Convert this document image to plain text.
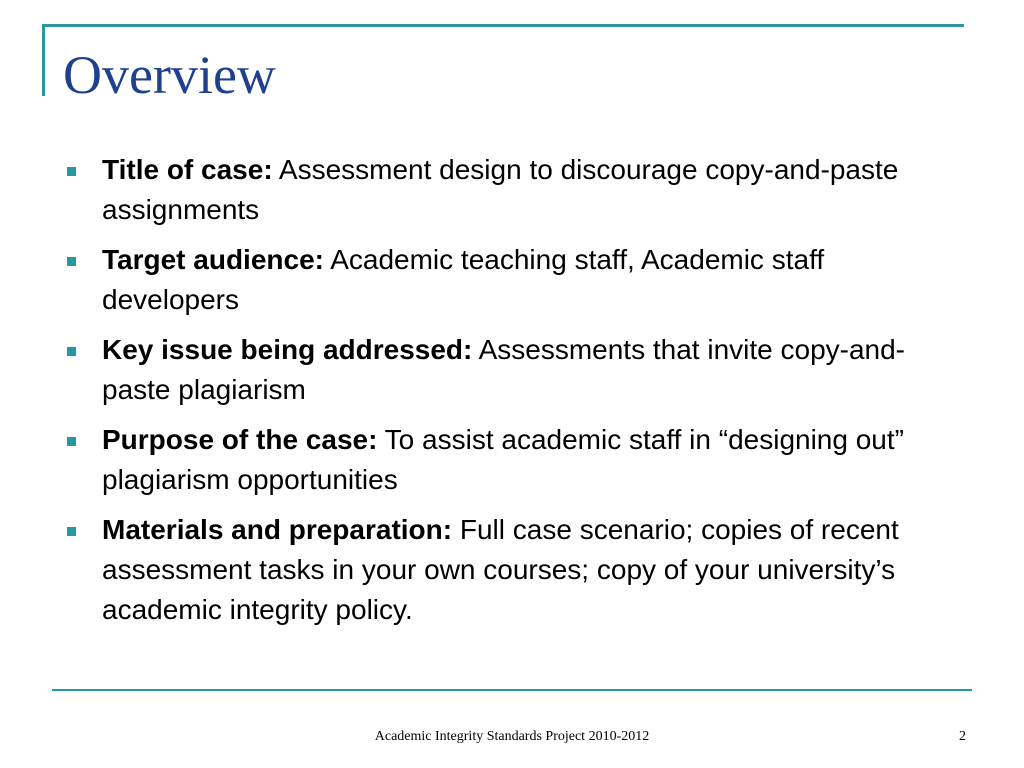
Overview
Title of case: Assessment design to discourage copy-and-paste assignments
Target audience: Academic teaching staff, Academic staff developers
Key issue being addressed: Assessments that invite copy-and-paste plagiarism
Purpose of the case: To assist academic staff in “designing out” plagiarism opportunities
Materials and preparation: Full case scenario; copies of recent assessment tasks in your own courses; copy of your university’s academic integrity policy.
Academic Integrity Standards Project 2010-2012	2
